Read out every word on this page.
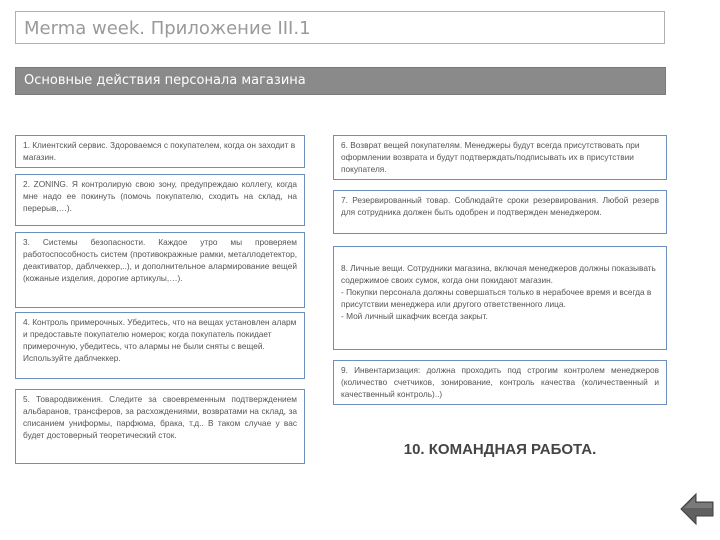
Merma week. Приложение III.1
Основные действия персонала магазина

1. Клиентский сервис. Здороваемся с покупателем, когда он заходит в магазин.

2. ZONING. Я контролирую свою зону, предупреждаю коллегу, когда мне надо ее покинуть (помочь покупателю, сходить на склад, на перерыв,…).

3. Системы безопасности. Каждое утро мы проверяем работоспособность систем (противокражные рамки, металлодетектор, деактиватор, даблчеккер,..), и дополнительное алармирование вещей (кожаные изделия, дорогие артикулы,…).

4. Контроль примерочных. Убедитесь, что на вещах установлен аларм и предоставьте покупателю номерок; когда покупатель покидает примерочную, убедитесь, что алармы не были сняты с вещей. Используйте даблчеккер.

5. Товародвижения. Следите за своевременным подтверждением альбаранов, трансферов, за расхождениями, возвратами на склад, за списанием униформы, парфюма, брака, т.д.. В таком случае у вас будет достоверный теоретический сток.

6. Возврат вещей покупателям. Менеджеры будут всегда присутствовать при оформлении возврата и будут подтверждать/подписывать их в присутствии покупателя.

7. Резервированный товар. Соблюдайте сроки резервирования. Любой резерв для сотрудника должен быть одобрен и подтвержден менеджером.

8. Личные вещи. Сотрудники магазина, включая менеджеров должны показывать содержимое своих сумок, когда они покидают магазин.
- Покупки персонала должны совершаться только в нерабочее время и всегда в присутствии менеджера или другого ответственного лица.
- Мой личный шкафчик всегда закрыт.

9. Инвентаризация: должна проходить под строгим контролем менеджеров (количество счетчиков, зонирование, контроль качества (количественный и качественный контроль)..)

10. КОМАНДНАЯ РАБОТА.
